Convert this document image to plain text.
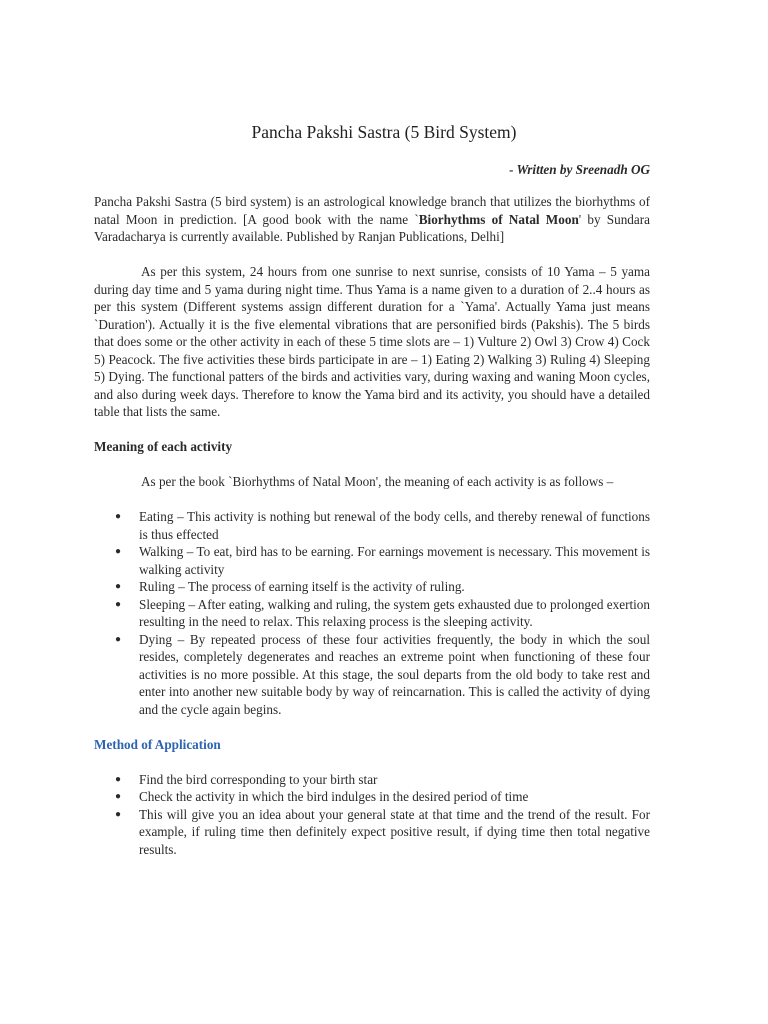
Pancha Pakshi Sastra (5 Bird System)

- Written by Sreenadh OG

Pancha Pakshi Sastra (5 bird system) is an astrological knowledge branch that utilizes the biorhythms of natal Moon in prediction. [A good book with the name `Biorhythms of Natal Moon' by Sundara Varadacharya is currently available. Published by Ranjan Publications, Delhi]

As per this system, 24 hours from one sunrise to next sunrise, consists of 10 Yama – 5 yama during day time and 5 yama during night time. Thus Yama is a name given to a duration of 2..4 hours as per this system (Different systems assign different duration for a `Yama'. Actually Yama just means `Duration'). Actually it is the five elemental vibrations that are personified birds (Pakshis). The 5 birds that does some or the other activity in each of these 5 time slots are – 1) Vulture 2) Owl 3) Crow 4) Cock 5) Peacock. The five activities these birds participate in are – 1) Eating 2) Walking 3) Ruling 4) Sleeping 5) Dying. The functional patters of the birds and activities vary, during waxing and waning Moon cycles, and also during week days. Therefore to know the Yama bird and its activity, you should have a detailed table that lists the same.

Meaning of each activity

As per the book `Biorhythms of Natal Moon', the meaning of each activity is as follows –

● Eating – This activity is nothing but renewal of the body cells, and thereby renewal of functions is thus effected
● Walking – To eat, bird has to be earning. For earnings movement is necessary. This movement is walking activity
● Ruling – The process of earning itself is the activity of ruling.
● Sleeping – After eating, walking and ruling, the system gets exhausted due to prolonged exertion resulting in the need to relax. This relaxing process is the sleeping activity.
● Dying – By repeated process of these four activities frequently, the body in which the soul resides, completely degenerates and reaches an extreme point when functioning of these four activities is no more possible. At this stage, the soul departs from the old body to take rest and enter into another new suitable body by way of reincarnation. This is called the activity of dying and the cycle again begins.

Method of Application

● Find the bird corresponding to your birth star
● Check the activity in which the bird indulges in the desired period of time
● This will give you an idea about your general state at that time and the trend of the result. For example, if ruling time then definitely expect positive result, if dying time then total negative results.
